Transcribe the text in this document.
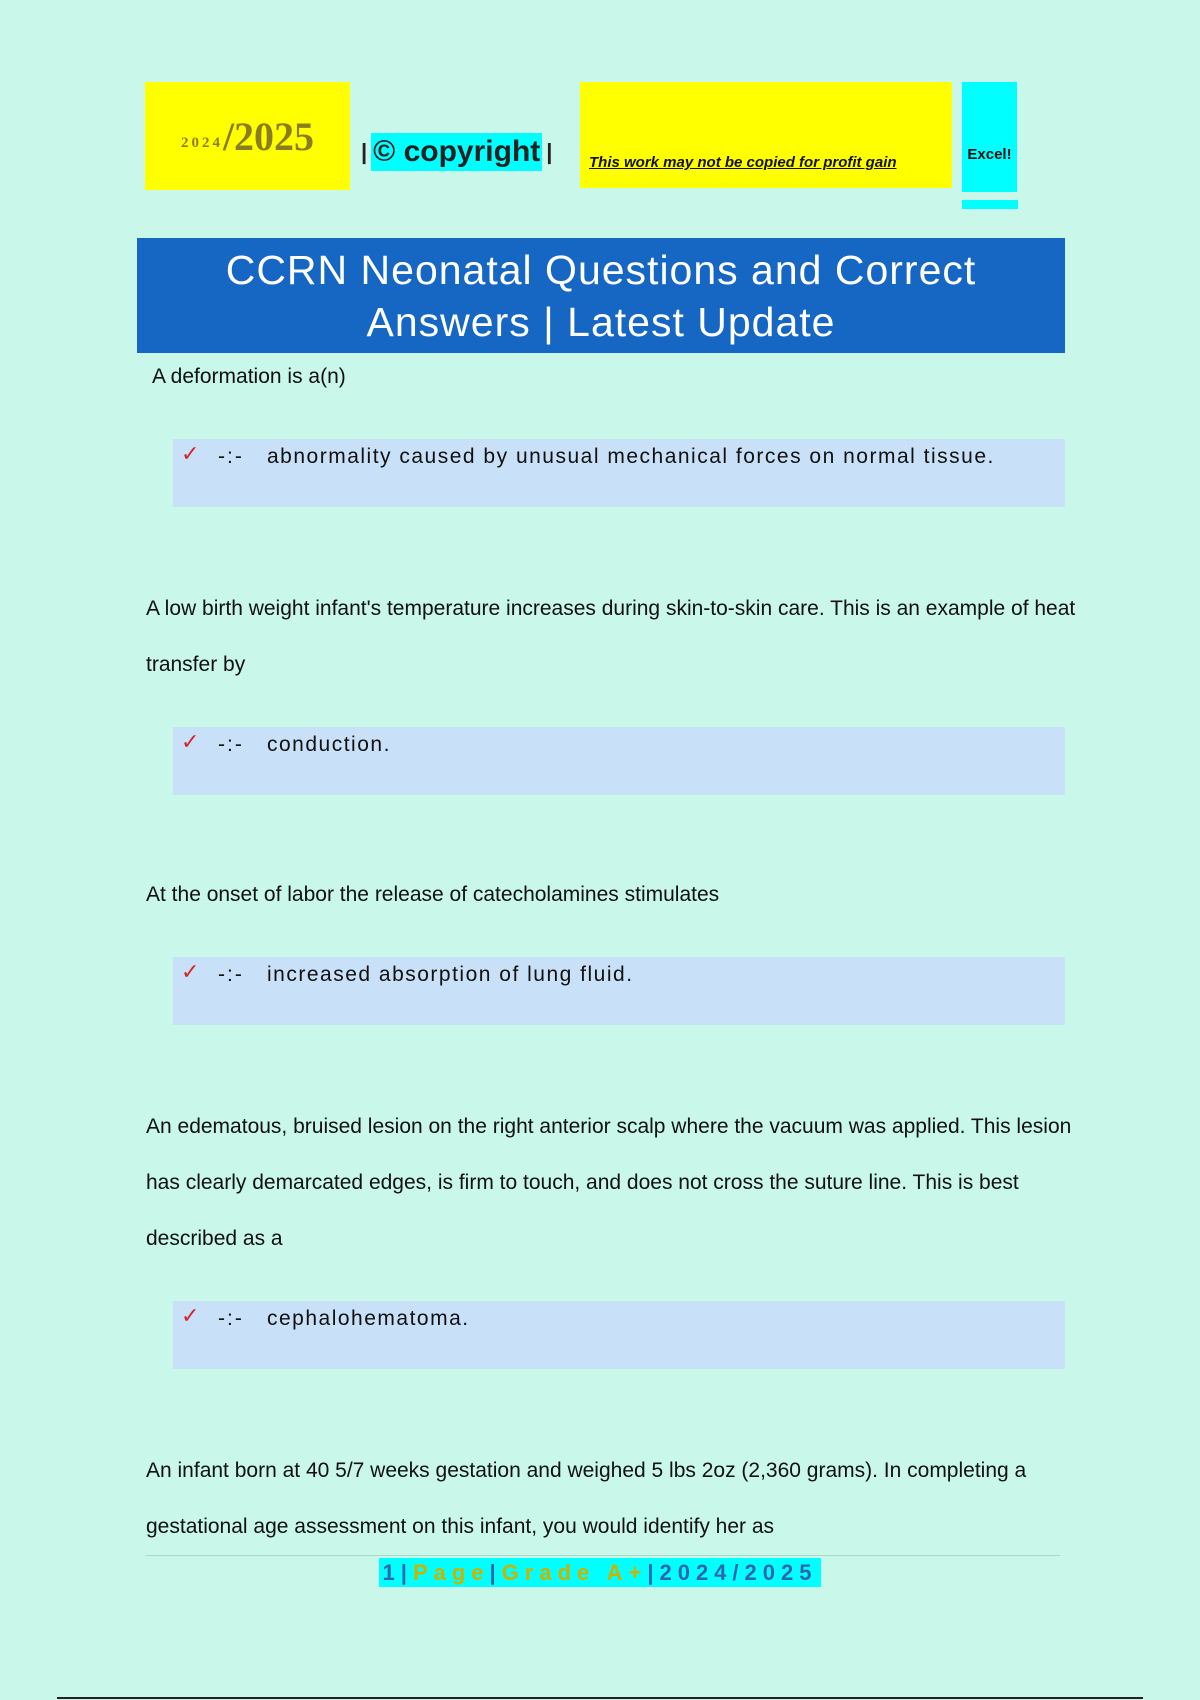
2024 /2025 | © copyright | This work may not be copied for profit gain	Excel!
CCRN Neonatal Questions and Correct Answers | Latest Update
A deformation is a(n)
✓ -:- abnormality caused by unusual mechanical forces on normal tissue.
A low birth weight infant's temperature increases during skin-to-skin care. This is an example of heat transfer by
✓ -:- conduction.
At the onset of labor the release of catecholamines stimulates
✓ -:- increased absorption of lung fluid.
An edematous, bruised lesion on the right anterior scalp where the vacuum was applied. This lesion has clearly demarcated edges, is firm to touch, and does not cross the suture line. This is best described as a
✓ -:- cephalohematoma.
An infant born at 40 5/7 weeks gestation and weighed 5 lbs 2oz (2,360 grams). In completing a gestational age assessment on this infant, you would identify her as
1|Page|Grade A+|2024/2025
